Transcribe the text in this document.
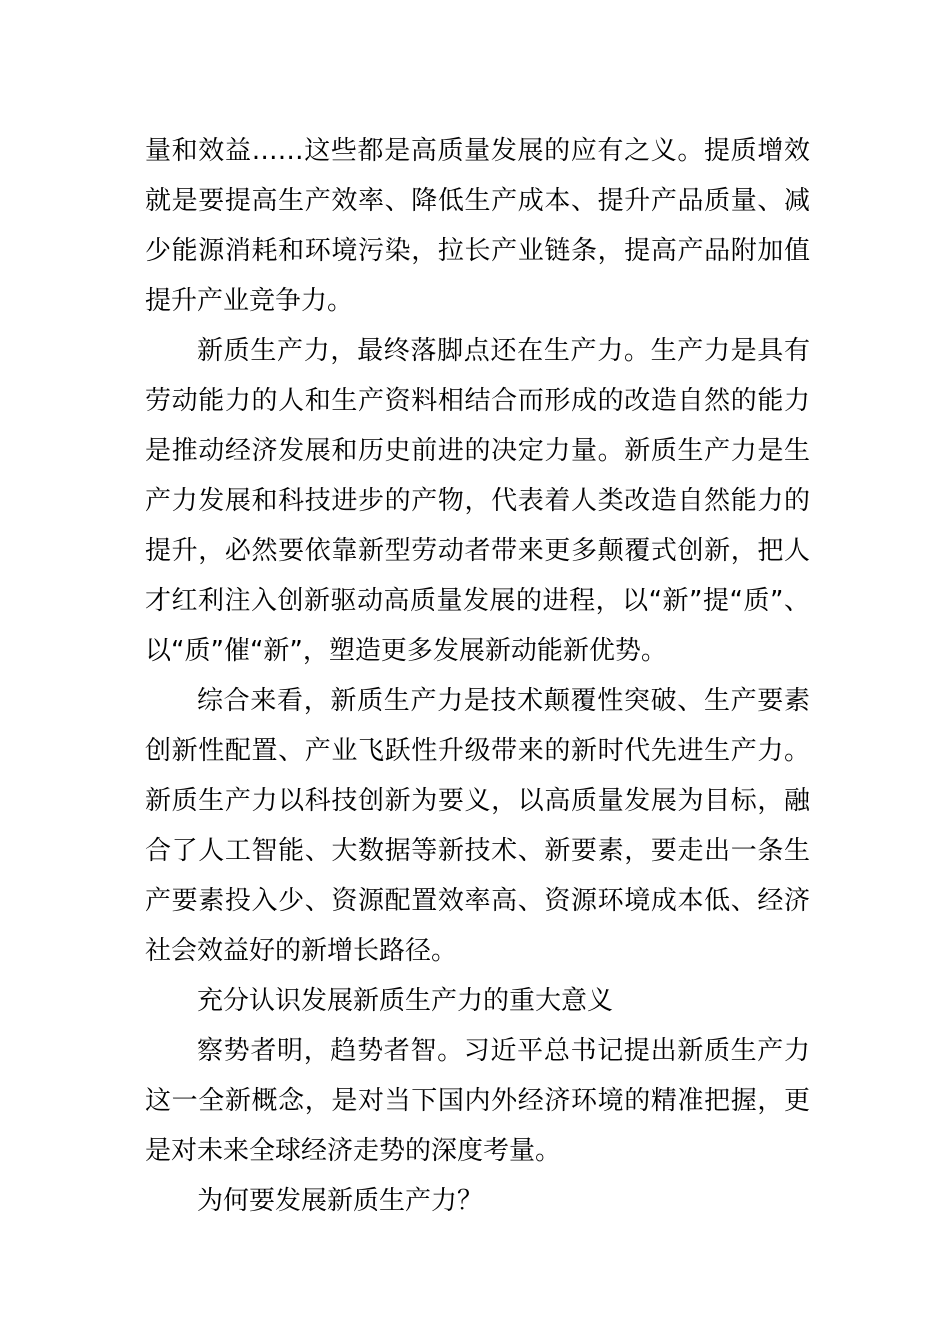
量和效益……这些都是高质量发展的应有之义。提质增效
就是要提高生产效率、降低生产成本、提升产品质量、减
少能源消耗和环境污染，拉长产业链条，提高产品附加值
提升产业竞争力。
新质生产力，最终落脚点还在生产力。生产力是具有
劳动能力的人和生产资料相结合而形成的改造自然的能力
是推动经济发展和历史前进的决定力量。新质生产力是生
产力发展和科技进步的产物，代表着人类改造自然能力的
提升，必然要依靠新型劳动者带来更多颠覆式创新，把人
才红利注入创新驱动高质量发展的进程，以“新”提“质”、
以“质”催“新”，塑造更多发展新动能新优势。
综合来看，新质生产力是技术颠覆性突破、生产要素
创新性配置、产业飞跃性升级带来的新时代先进生产力。
新质生产力以科技创新为要义，以高质量发展为目标，融
合了人工智能、大数据等新技术、新要素，要走出一条生
产要素投入少、资源配置效率高、资源环境成本低、经济
社会效益好的新增长路径。
充分认识发展新质生产力的重大意义
察势者明，趋势者智。习近平总书记提出新质生产力
这一全新概念，是对当下国内外经济环境的精准把握，更
是对未来全球经济走势的深度考量。
为何要发展新质生产力？
